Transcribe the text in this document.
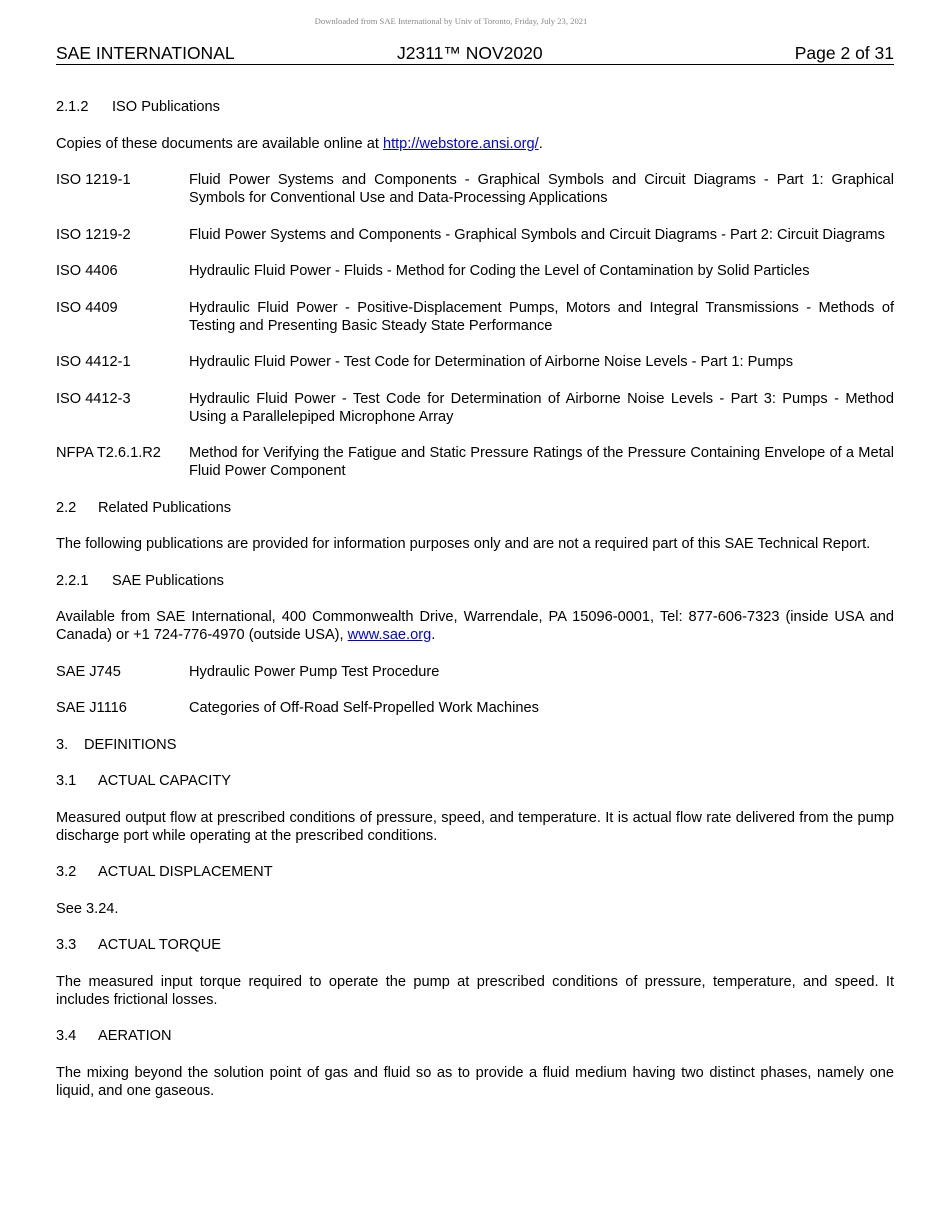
Downloaded from SAE International by Univ of Toronto, Friday, July 23, 2021
SAE INTERNATIONAL	J2311™ NOV2020	Page 2 of 31
2.1.2 ISO Publications

Copies of these documents are available online at http://webstore.ansi.org/.

ISO 1219-1	Fluid Power Systems and Components - Graphical Symbols and Circuit Diagrams - Part 1: Graphical Symbols for Conventional Use and Data-Processing Applications
ISO 1219-2	Fluid Power Systems and Components - Graphical Symbols and Circuit Diagrams - Part 2: Circuit Diagrams
ISO 4406	Hydraulic Fluid Power - Fluids - Method for Coding the Level of Contamination by Solid Particles
ISO 4409	Hydraulic Fluid Power - Positive-Displacement Pumps, Motors and Integral Transmissions - Methods of Testing and Presenting Basic Steady State Performance
ISO 4412-1	Hydraulic Fluid Power - Test Code for Determination of Airborne Noise Levels - Part 1: Pumps
ISO 4412-3	Hydraulic Fluid Power - Test Code for Determination of Airborne Noise Levels - Part 3: Pumps - Method Using a Parallelepiped Microphone Array
NFPA T2.6.1.R2	Method for Verifying the Fatigue and Static Pressure Ratings of the Pressure Containing Envelope of a Metal Fluid Power Component
2.2 Related Publications

The following publications are provided for information purposes only and are not a required part of this SAE Technical Report.

2.2.1 SAE Publications

Available from SAE International, 400 Commonwealth Drive, Warrendale, PA 15096-0001, Tel: 877-606-7323 (inside USA and Canada) or +1 724-776-4970 (outside USA), www.sae.org.

SAE J745	Hydraulic Power Pump Test Procedure
SAE J1116	Categories of Off-Road Self-Propelled Work Machines
3. DEFINITIONS
3.1 ACTUAL CAPACITY

Measured output flow at prescribed conditions of pressure, speed, and temperature. It is actual flow rate delivered from the pump discharge port while operating at the prescribed conditions.

3.2 ACTUAL DISPLACEMENT

See 3.24.

3.3 ACTUAL TORQUE

The measured input torque required to operate the pump at prescribed conditions of pressure, temperature, and speed. It includes frictional losses.

3.4 AERATION

The mixing beyond the solution point of gas and fluid so as to provide a fluid medium having two distinct phases, namely one liquid, and one gaseous.
